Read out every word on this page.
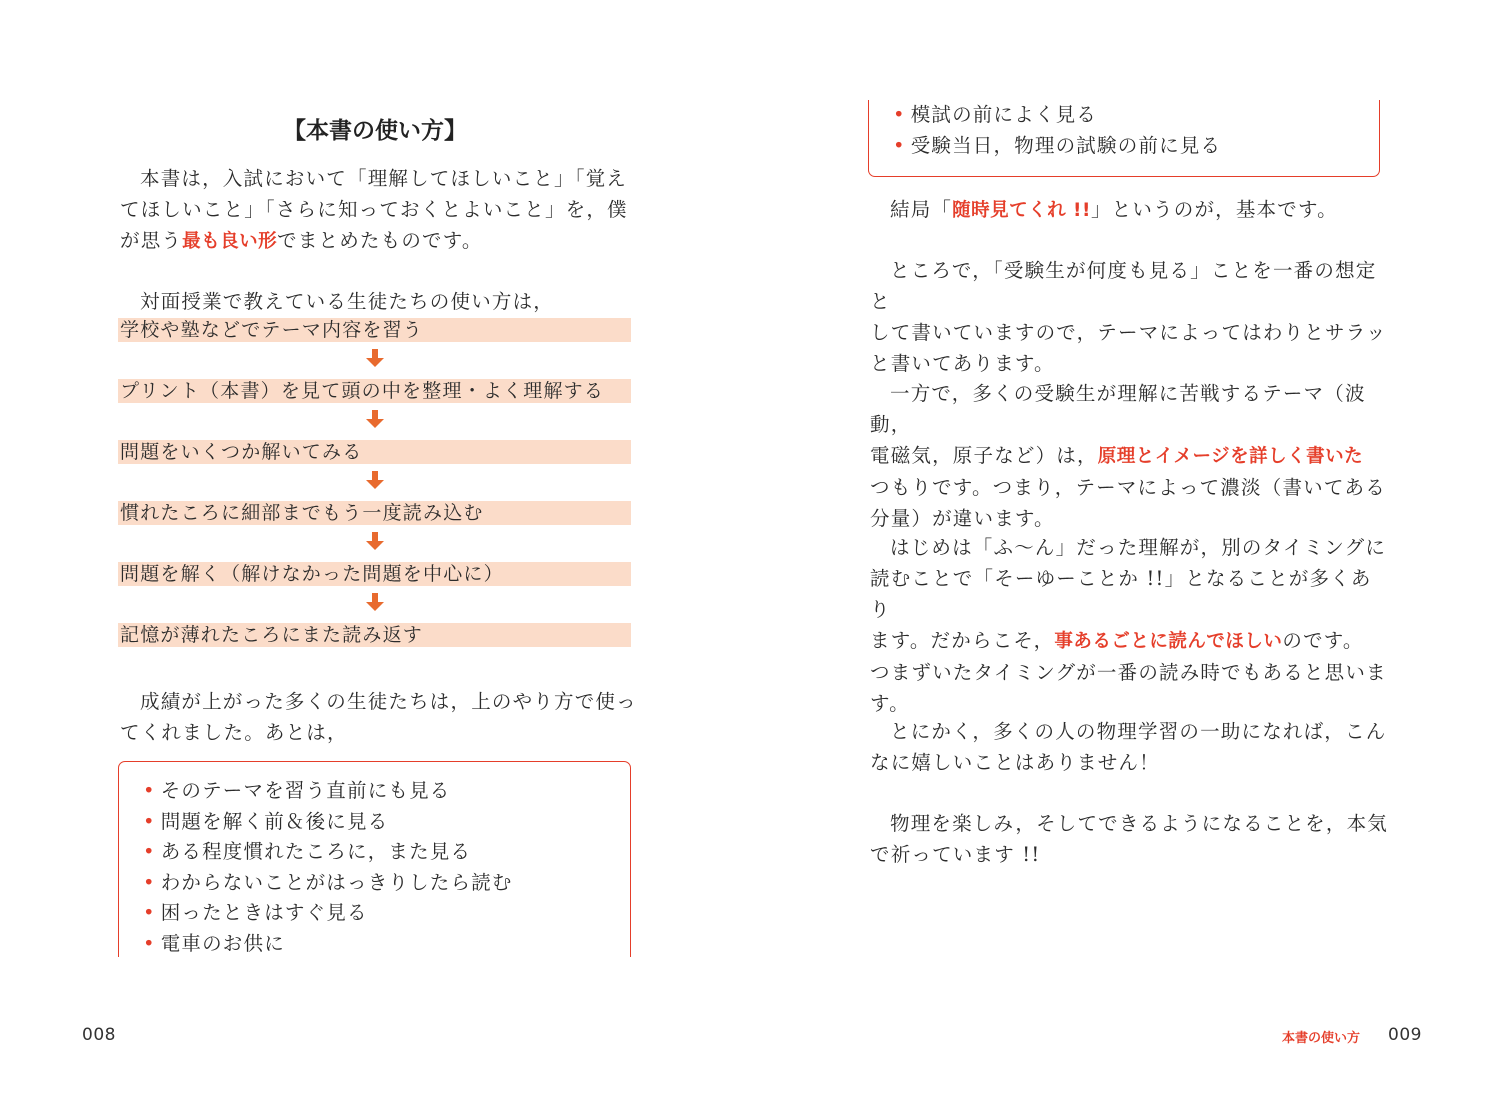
【本書の使い方】

本書は，入試において「理解してほしいこと」「覚え
てほしいこと」「さらに知っておくとよいこと」を，僕
が思う最も良い形でまとめたものです。

対面授業で教えている生徒たちの使い方は，

学校や塾などでテーマ内容を習う
プリント（本書）を見て頭の中を整理・よく理解する
問題をいくつか解いてみる
慣れたころに細部までもう一度読み込む
問題を解く（解けなかった問題を中心に）
記憶が薄れたころにまた読み返す

成績が上がった多くの生徒たちは，上のやり方で使っ
てくれました。あとは，

• そのテーマを習う直前にも見る
• 問題を解く前＆後に見る
• ある程度慣れたころに，また見る
• わからないことがはっきりしたら読む
• 困ったときはすぐ見る
• 電車のお供に
008
• 模試の前によく見る
• 受験当日，物理の試験の前に見る

結局「随時見てくれ !!」というのが，基本です。

ところで，「受験生が何度も見る」ことを一番の想定と
して書いていますので，テーマによってはわりとサラッ
と書いてあります。

一方で，多くの受験生が理解に苦戦するテーマ（波動，
電磁気，原子など）は，原理とイメージを詳しく書いた
つもりです。つまり，テーマによって濃淡（書いてある
分量）が違います。

はじめは「ふ〜ん」だった理解が，別のタイミングに
読むことで「そーゆーことか !!」となることが多くあり
ます。だからこそ，事あるごとに読んでほしいのです。
つまずいたタイミングが一番の読み時でもあると思いま
す。

とにかく，多くの人の物理学習の一助になれば，こん
なに嬉しいことはありません！

物理を楽しみ，そしてできるようになることを，本気
で祈っています !!

本書の使い方 009
